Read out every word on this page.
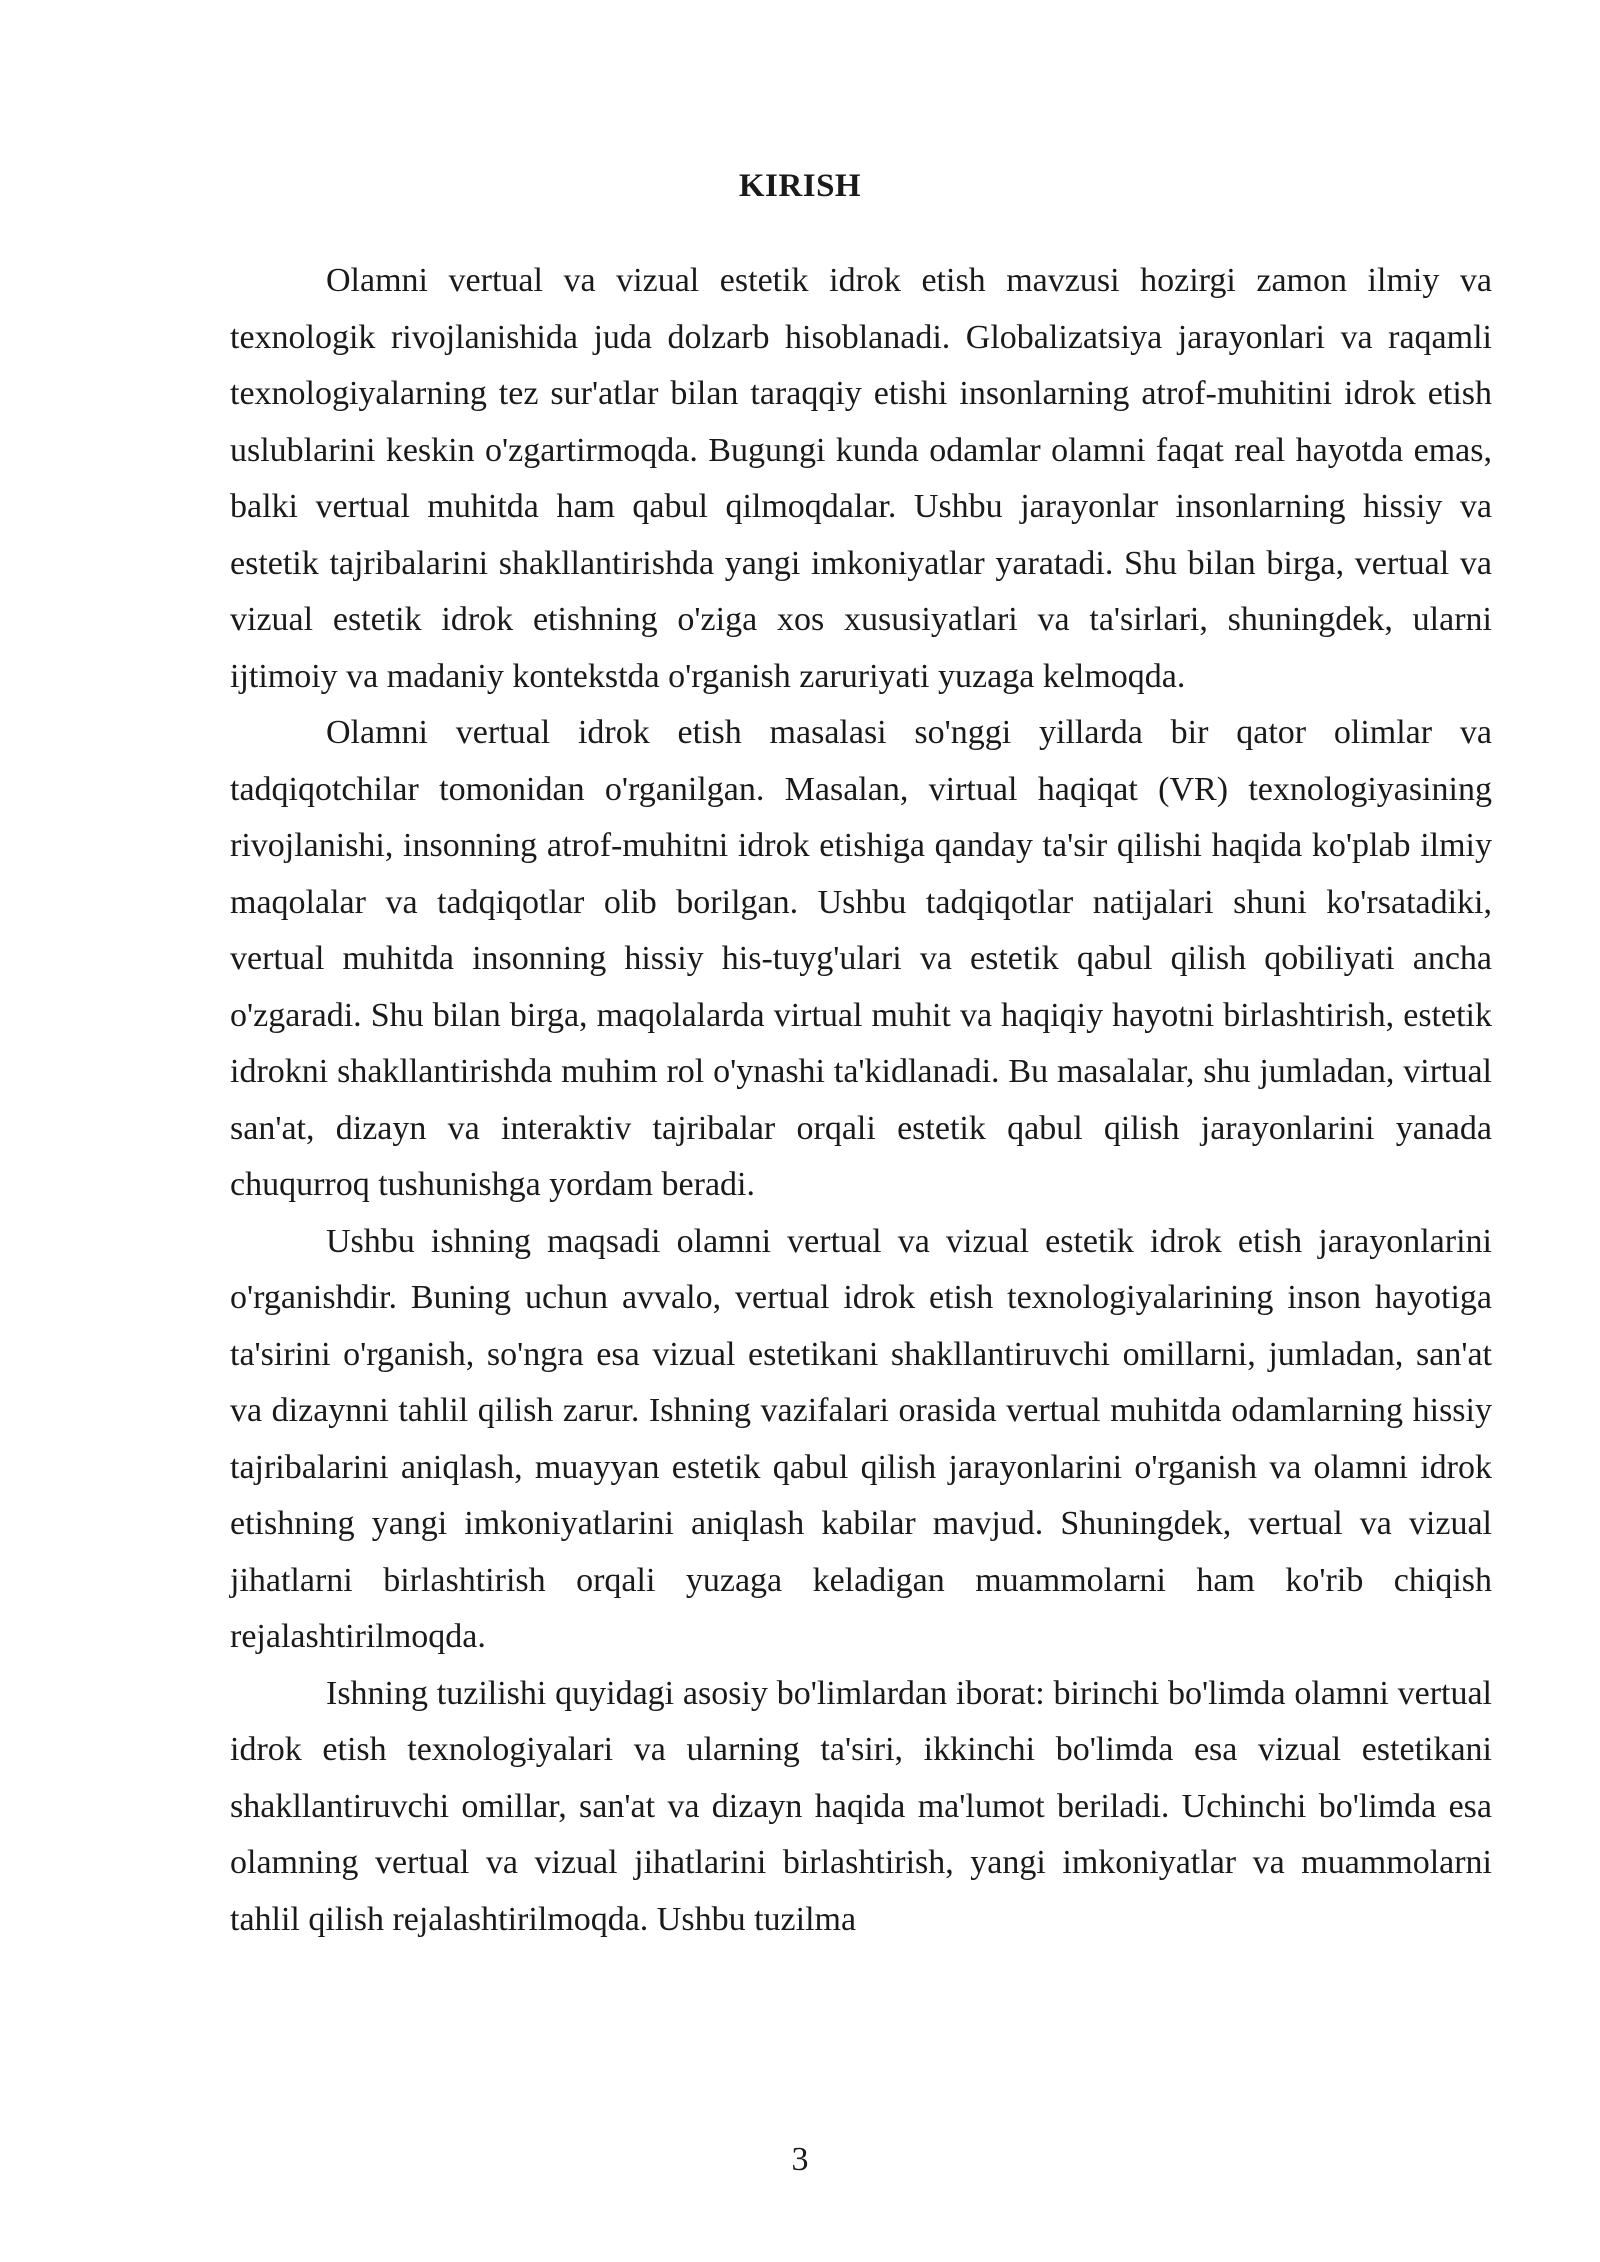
KIRISH

Olamni vertual va vizual estetik idrok etish mavzusi hozirgi zamon ilmiy va texnologik rivojlanishida juda dolzarb hisoblanadi. Globalizatsiya jarayonlari va raqamli texnologiyalarning tez sur'atlar bilan taraqqiy etishi insonlarning atrof-muhitini idrok etish uslublarini keskin o'zgartirmoqda. Bugungi kunda odamlar olamni faqat real hayotda emas, balki vertual muhitda ham qabul qilmoqdalar. Ushbu jarayonlar insonlarning hissiy va estetik tajribalarini shakllantirishda yangi imkoniyatlar yaratadi. Shu bilan birga, vertual va vizual estetik idrok etishning o'ziga xos xususiyatlari va ta'sirlari, shuningdek, ularni ijtimoiy va madaniy kontekstda o'rganish zaruriyati yuzaga kelmoqda.

Olamni vertual idrok etish masalasi so'nggi yillarda bir qator olimlar va tadqiqotchilar tomonidan o'rganilgan. Masalan, virtual haqiqat (VR) texnologiyasining rivojlanishi, insonning atrof-muhitni idrok etishiga qanday ta'sir qilishi haqida ko'plab ilmiy maqolalar va tadqiqotlar olib borilgan. Ushbu tadqiqotlar natijalari shuni ko'rsatadiki, vertual muhitda insonning hissiy his-tuyg'ulari va estetik qabul qilish qobiliyati ancha o'zgaradi. Shu bilan birga, maqolalarda virtual muhit va haqiqiy hayotni birlashtirish, estetik idrokni shakllantirishda muhim rol o'ynashi ta'kidlanadi. Bu masalalar, shu jumladan, virtual san'at, dizayn va interaktiv tajribalar orqali estetik qabul qilish jarayonlarini yanada chuqurroq tushunishga yordam beradi.

Ushbu ishning maqsadi olamni vertual va vizual estetik idrok etish jarayonlarini o'rganishdir. Buning uchun avvalo, vertual idrok etish texnologiyalarining inson hayotiga ta'sirini o'rganish, so'ngra esa vizual estetikani shakllantiruvchi omillarni, jumladan, san'at va dizaynni tahlil qilish zarur. Ishning vazifalari orasida vertual muhitda odamlarning hissiy tajribalarini aniqlash, muayyan estetik qabul qilish jarayonlarini o'rganish va olamni idrok etishning yangi imkoniyatlarini aniqlash kabilar mavjud. Shuningdek, vertual va vizual jihatlarni birlashtirish orqali yuzaga keladigan muammolarni ham ko'rib chiqish rejalashtirilmoqda.

Ishning tuzilishi quyidagi asosiy bo'limlardan iborat: birinchi bo'limda olamni vertual idrok etish texnologiyalari va ularning ta'siri, ikkinchi bo'limda esa vizual estetikani shakllantiruvchi omillar, san'at va dizayn haqida ma'lumot beriladi. Uchinchi bo'limda esa olamning vertual va vizual jihatlarini birlashtirish, yangi imkoniyatlar va muammolarni tahlil qilish rejalashtirilmoqda. Ushbu tuzilma

3
